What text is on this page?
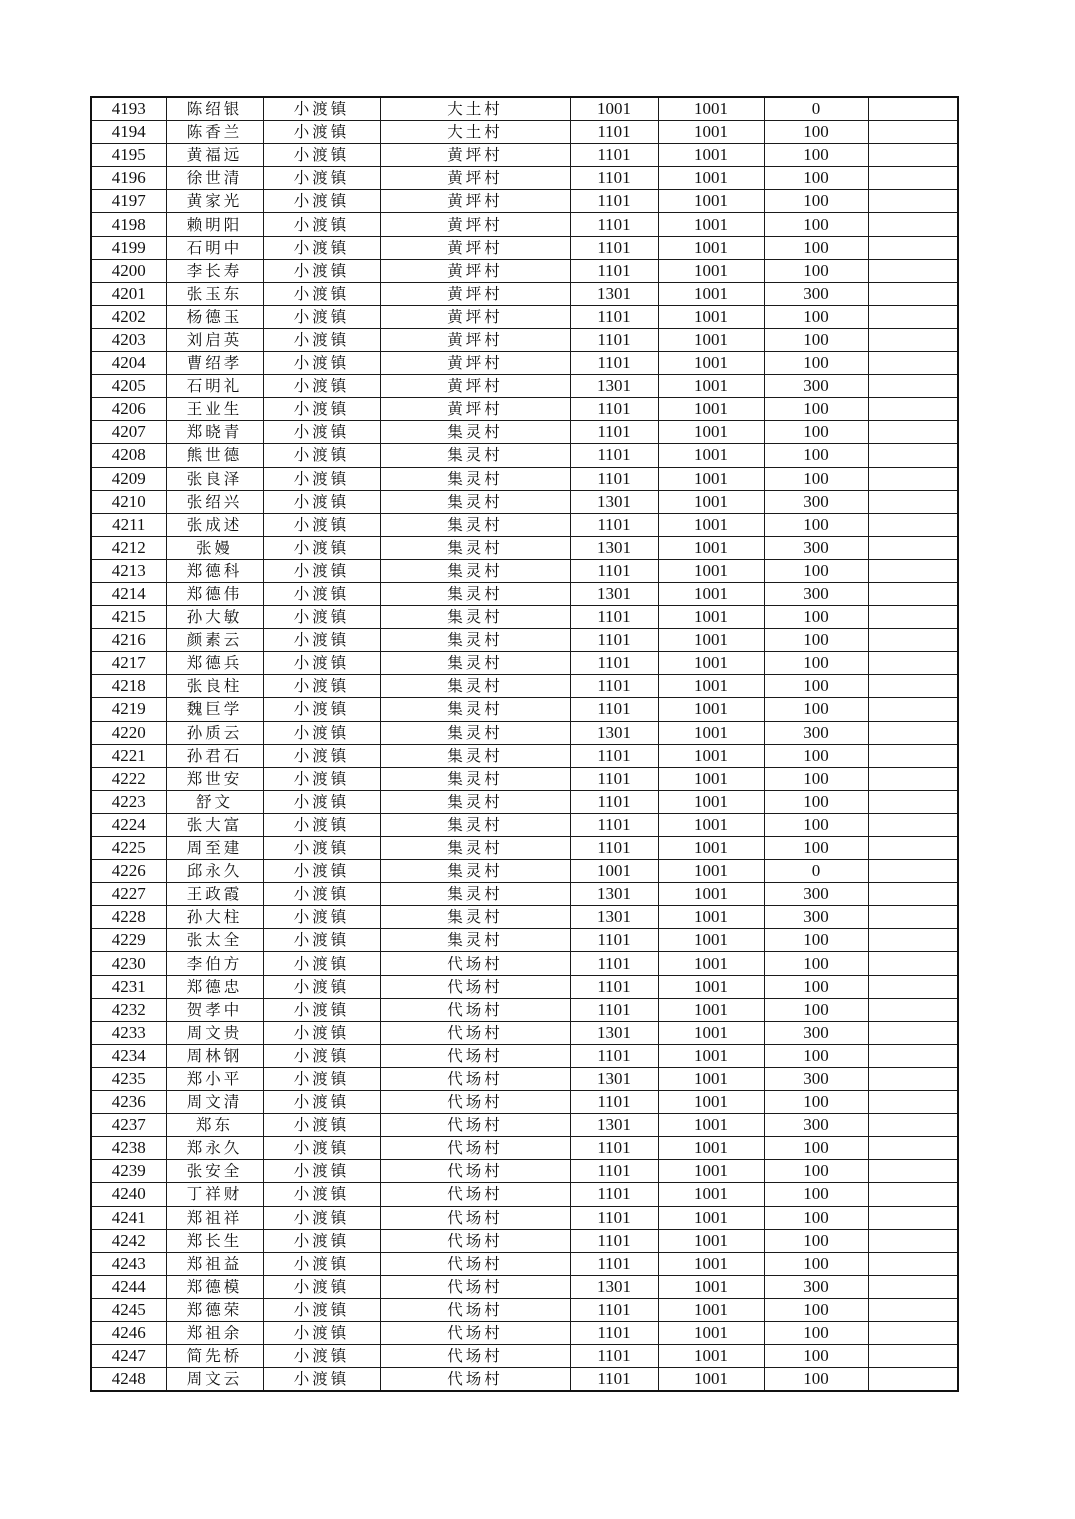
4193	陈绍银	小渡镇	大土村	1001	1001	0	
4194	陈香兰	小渡镇	大土村	1101	1001	100	
4195	黄福远	小渡镇	黄坪村	1101	1001	100	
4196	徐世清	小渡镇	黄坪村	1101	1001	100	
4197	黄家光	小渡镇	黄坪村	1101	1001	100	
4198	赖明阳	小渡镇	黄坪村	1101	1001	100	
4199	石明中	小渡镇	黄坪村	1101	1001	100	
4200	李长寿	小渡镇	黄坪村	1101	1001	100	
4201	张玉东	小渡镇	黄坪村	1301	1001	300	
4202	杨德玉	小渡镇	黄坪村	1101	1001	100	
4203	刘启英	小渡镇	黄坪村	1101	1001	100	
4204	曹绍孝	小渡镇	黄坪村	1101	1001	100	
4205	石明礼	小渡镇	黄坪村	1301	1001	300	
4206	王业生	小渡镇	黄坪村	1101	1001	100	
4207	郑晓青	小渡镇	集灵村	1101	1001	100	
4208	熊世德	小渡镇	集灵村	1101	1001	100	
4209	张良泽	小渡镇	集灵村	1101	1001	100	
4210	张绍兴	小渡镇	集灵村	1301	1001	300	
4211	张成述	小渡镇	集灵村	1101	1001	100	
4212	张嫚	小渡镇	集灵村	1301	1001	300	
4213	郑德科	小渡镇	集灵村	1101	1001	100	
4214	郑德伟	小渡镇	集灵村	1301	1001	300	
4215	孙大敏	小渡镇	集灵村	1101	1001	100	
4216	颜素云	小渡镇	集灵村	1101	1001	100	
4217	郑德兵	小渡镇	集灵村	1101	1001	100	
4218	张良柱	小渡镇	集灵村	1101	1001	100	
4219	魏巨学	小渡镇	集灵村	1101	1001	100	
4220	孙质云	小渡镇	集灵村	1301	1001	300	
4221	孙君石	小渡镇	集灵村	1101	1001	100	
4222	郑世安	小渡镇	集灵村	1101	1001	100	
4223	舒文	小渡镇	集灵村	1101	1001	100	
4224	张大富	小渡镇	集灵村	1101	1001	100	
4225	周至建	小渡镇	集灵村	1101	1001	100	
4226	邱永久	小渡镇	集灵村	1001	1001	0	
4227	王政霞	小渡镇	集灵村	1301	1001	300	
4228	孙大柱	小渡镇	集灵村	1301	1001	300	
4229	张太全	小渡镇	集灵村	1101	1001	100	
4230	李伯方	小渡镇	代场村	1101	1001	100	
4231	郑德忠	小渡镇	代场村	1101	1001	100	
4232	贺孝中	小渡镇	代场村	1101	1001	100	
4233	周文贵	小渡镇	代场村	1301	1001	300	
4234	周林钢	小渡镇	代场村	1101	1001	100	
4235	郑小平	小渡镇	代场村	1301	1001	300	
4236	周文清	小渡镇	代场村	1101	1001	100	
4237	郑东	小渡镇	代场村	1301	1001	300	
4238	郑永久	小渡镇	代场村	1101	1001	100	
4239	张安全	小渡镇	代场村	1101	1001	100	
4240	丁祥财	小渡镇	代场村	1101	1001	100	
4241	郑祖祥	小渡镇	代场村	1101	1001	100	
4242	郑长生	小渡镇	代场村	1101	1001	100	
4243	郑祖益	小渡镇	代场村	1101	1001	100	
4244	郑德模	小渡镇	代场村	1301	1001	300	
4245	郑德荣	小渡镇	代场村	1101	1001	100	
4246	郑祖余	小渡镇	代场村	1101	1001	100	
4247	简先桥	小渡镇	代场村	1101	1001	100	
4248	周文云	小渡镇	代场村	1101	1001	100	
